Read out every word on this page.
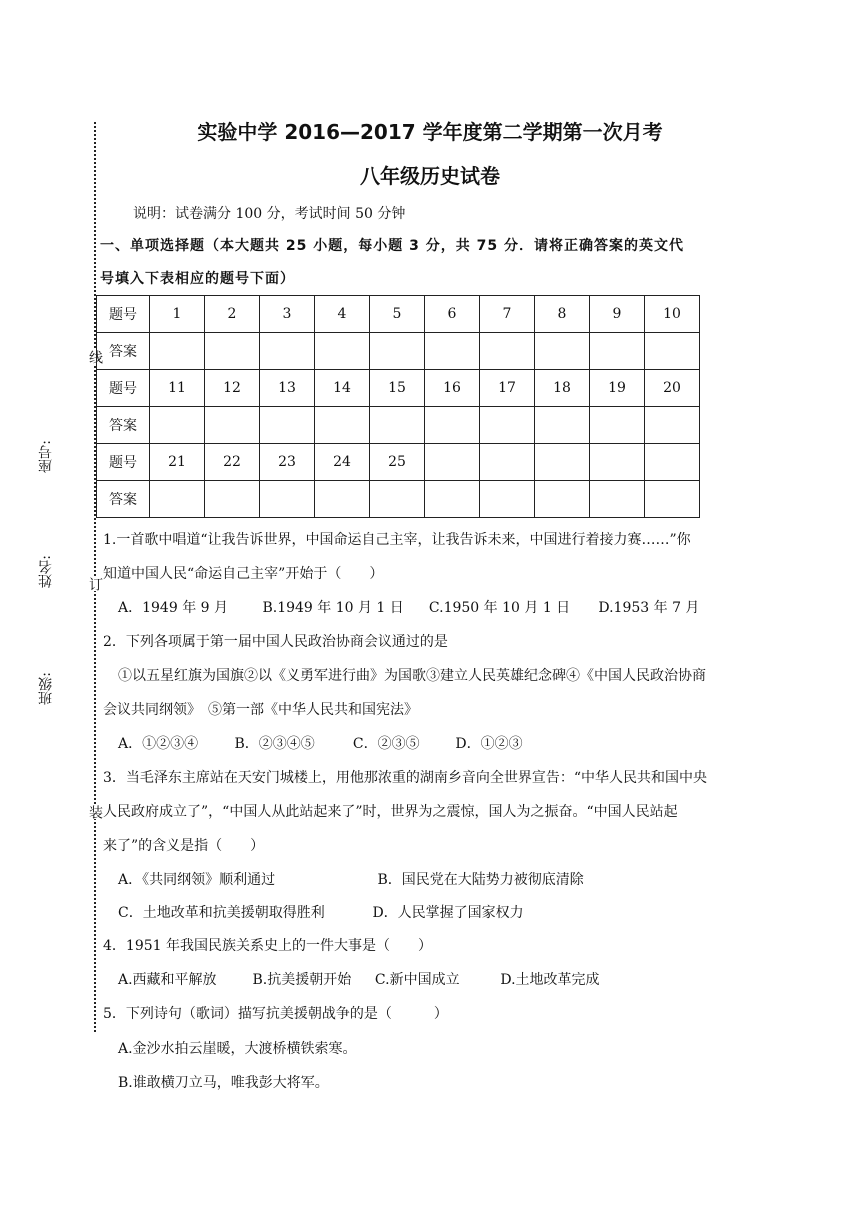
线
订
装
座号:
姓名:
班级:
实验中学 2016—2017 学年度第二学期第一次月考
八年级历史试卷
说明：试卷满分 100 分，考试时间 50 分钟
一、单项选择题（本大题共 25 小题，每小题 3 分，共 75 分．请将正确答案的英文代
号填入下表相应的题号下面）
题号	1	2	3	4	5	6	7	8	9	10
答案										
题号	11	12	13	14	15	16	17	18	19	20
答案										
题号	21	22	23	24	25					
答案										
1.一首歌中唱道“让我告诉世界，中国命运自己主宰，让我告诉未来，中国进行着接力赛……”你
知道中国人民“命运自己主宰”开始于（　　）
A．1949 年 9 月 B.1949 年 10 月 1 日 C.1950 年 10 月 1 日 D.1953 年 7 月
2．下列各项属于第一届中国人民政治协商会议通过的是
①以五星红旗为国旗②以《义勇军进行曲》为国歌③建立人民英雄纪念碑④《中国人民政治协商
会议共同纲领》　⑤第一部《中华人民共和国宪法》
A．①②③④	B．②③④⑤	C．②③⑤	D．①②③
3．当毛泽东主席站在天安门城楼上，用他那浓重的湖南乡音向全世界宣告：“中华人民共和国中央
人民政府成立了”，“中国人从此站起来了”时，世界为之震惊，国人为之振奋。“中国人民站起
来了”的含义是指（　　）
A．《共同纲领》顺利通过	B．国民党在大陆势力被彻底清除
C．土地改革和抗美援朝取得胜利	D．人民掌握了国家权力
4．1951 年我国民族关系史上的一件大事是（　　）
A.西藏和平解放	B.抗美援朝开始 C.新中国成立	D.土地改革完成
5．下列诗句（歌词）描写抗美援朝战争的是（　　　）
A.金沙水拍云崖暖，大渡桥横铁索寒。
B.谁敢横刀立马，唯我彭大将军。
